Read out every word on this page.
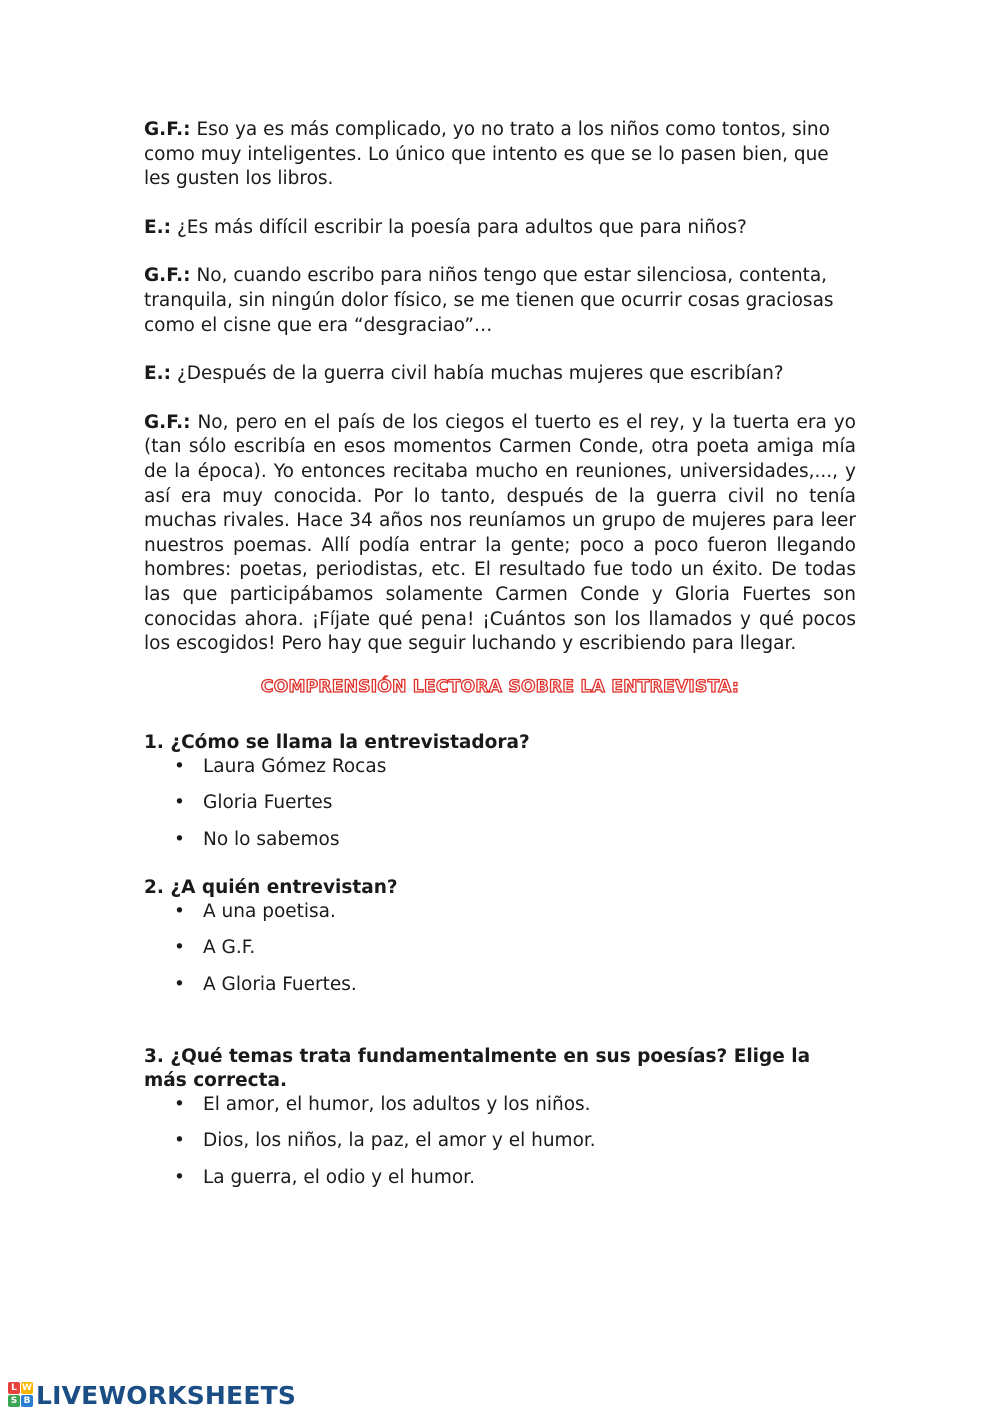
G.F.: Eso ya es más complicado, yo no trato a los niños como tontos, sino como muy inteligentes. Lo único que intento es que se lo pasen bien, que les gusten los libros.

E.: ¿Es más difícil escribir la poesía para adultos que para niños?

G.F.: No, cuando escribo para niños tengo que estar silenciosa, contenta, tranquila, sin ningún dolor físico, se me tienen que ocurrir cosas graciosas como el cisne que era “desgraciao”…

E.: ¿Después de la guerra civil había muchas mujeres que escribían?

G.F.: No, pero en el país de los ciegos el tuerto es el rey, y la tuerta era yo (tan sólo escribía en esos momentos Carmen Conde, otra poeta amiga mía de la época). Yo entonces recitaba mucho en reuniones, universidades,..., y así era muy conocida. Por lo tanto, después de la guerra civil no tenía muchas rivales. Hace 34 años nos reuníamos un grupo de mujeres para leer nuestros poemas. Allí podía entrar la gente; poco a poco fueron llegando hombres: poetas, periodistas, etc. El resultado fue todo un éxito. De todas las que participábamos solamente Carmen Conde y Gloria Fuertes son conocidas ahora. ¡Fíjate qué pena! ¡Cuántos son los llamados y qué pocos los escogidos! Pero hay que seguir luchando y escribiendo para llegar.

COMPRENSIÓN LECTORA SOBRE LA ENTREVISTA:

1. ¿Cómo se llama la entrevistadora?

• Laura Gómez Rocas
• Gloria Fuertes
• No lo sabemos

2. ¿A quién entrevistan?

• A una poetisa.
• A G.F.
• A Gloria Fuertes.

3. ¿Qué temas trata fundamentalmente en sus poesías? Elige la más correcta.

• El amor, el humor, los adultos y los niños.
• Dios, los niños, la paz, el amor y el humor.
• La guerra, el odio y el humor.
L W
S B LIVEWORKSHEETS
